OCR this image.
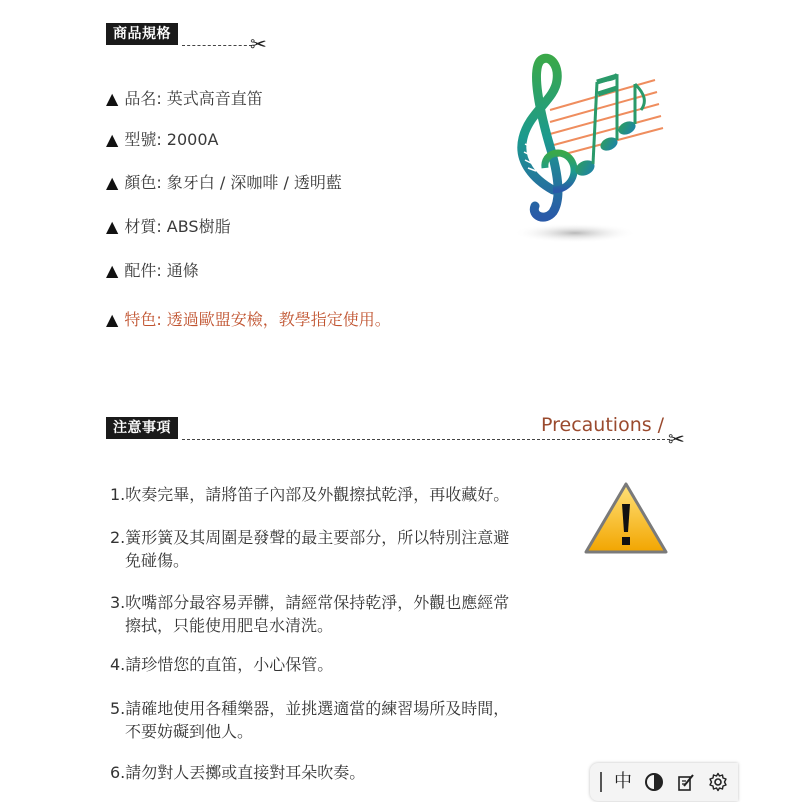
商品規格	✂
▲ 品名: 英式高音直笛
▲ 型號: 2000A
▲ 顏色: 象牙白 / 深咖啡 / 透明藍
▲ 材質: ABS樹脂
▲ 配件: 通條
▲ 特色: 透過歐盟安檢，教學指定使用。
注意事項	Precautions /
✂
1.吹奏完畢，請將笛子內部及外觀擦拭乾淨，再收藏好。
2.簧形簧及其周圍是發聲的最主要部分，所以特別注意避
免碰傷。
3.吹嘴部分最容易弄髒，請經常保持乾淨，外觀也應經常
擦拭，只能使用肥皂水清洗。
4.請珍惜您的直笛，小心保管。
5.請確地使用各種樂器，並挑選適當的練習場所及時間，
不要妨礙到他人。
6.請勿對人丟擲或直接對耳朵吹奏。	中
